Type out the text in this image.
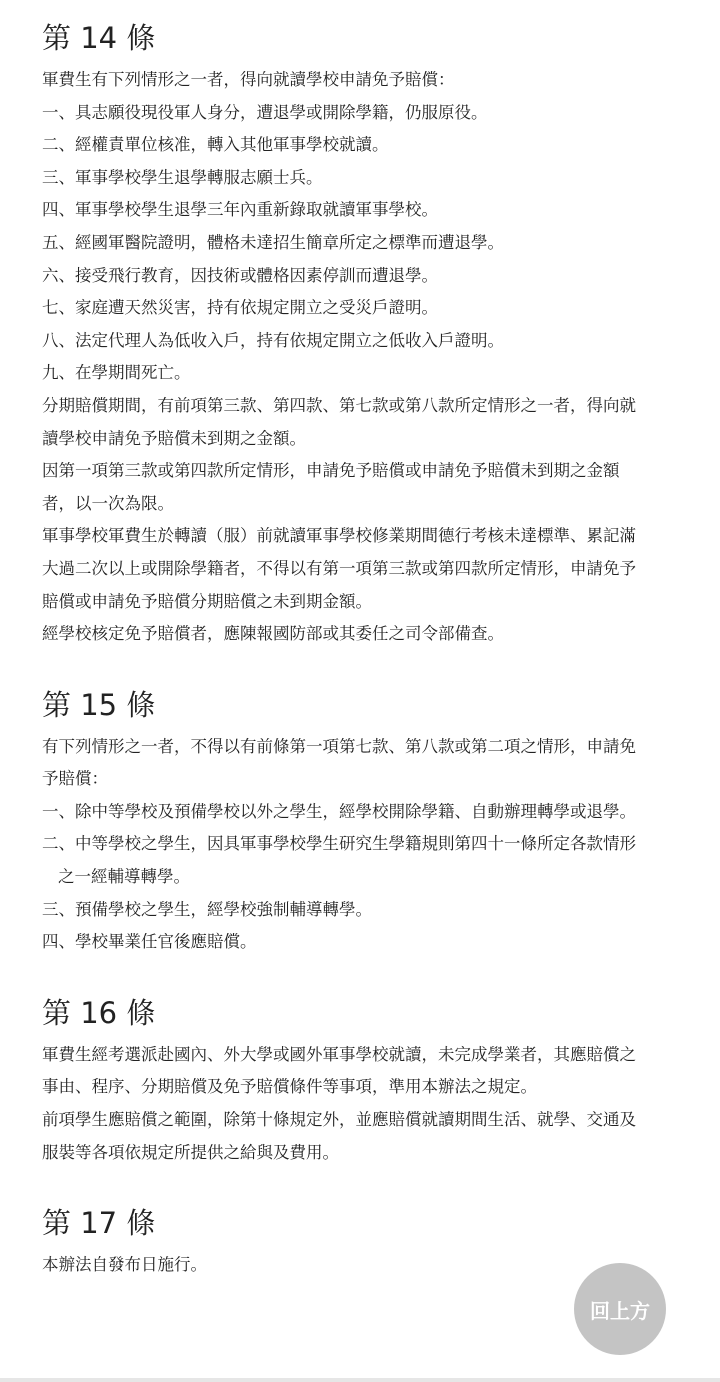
第 14 條

軍費生有下列情形之一者，得向就讀學校申請免予賠償：

一、具志願役現役軍人身分，遭退學或開除學籍，仍服原役。

二、經權責單位核准，轉入其他軍事學校就讀。

三、軍事學校學生退學轉服志願士兵。

四、軍事學校學生退學三年內重新錄取就讀軍事學校。

五、經國軍醫院證明，體格未達招生簡章所定之標準而遭退學。

六、接受飛行教育，因技術或體格因素停訓而遭退學。

七、家庭遭天然災害，持有依規定開立之受災戶證明。

八、法定代理人為低收入戶，持有依規定開立之低收入戶證明。

九、在學期間死亡。

分期賠償期間，有前項第三款、第四款、第七款或第八款所定情形之一者，得向就讀學校申請免予賠償未到期之金額。

因第一項第三款或第四款所定情形，申請免予賠償或申請免予賠償未到期之金額者，以一次為限。

軍事學校軍費生於轉讀（服）前就讀軍事學校修業期間德行考核未達標準、累記滿大過二次以上或開除學籍者，不得以有第一項第三款或第四款所定情形，申請免予賠償或申請免予賠償分期賠償之未到期金額。

經學校核定免予賠償者，應陳報國防部或其委任之司令部備查。

第 15 條

有下列情形之一者，不得以有前條第一項第七款、第八款或第二項之情形，申請免予賠償：

一、除中等學校及預備學校以外之學生，經學校開除學籍、自動辦理轉學或退學。

二、中等學校之學生，因具軍事學校學生研究生學籍規則第四十一條所定各款情形之一經輔導轉學。

三、預備學校之學生，經學校強制輔導轉學。

四、學校畢業任官後應賠償。

第 16 條

軍費生經考選派赴國內、外大學或國外軍事學校就讀，未完成學業者，其應賠償之事由、程序、分期賠償及免予賠償條件等事項，準用本辦法之規定。

前項學生應賠償之範圍，除第十條規定外，並應賠償就讀期間生活、就學、交通及服裝等各項依規定所提供之給與及費用。

第 17 條

本辦法自發布日施行。

回上方
